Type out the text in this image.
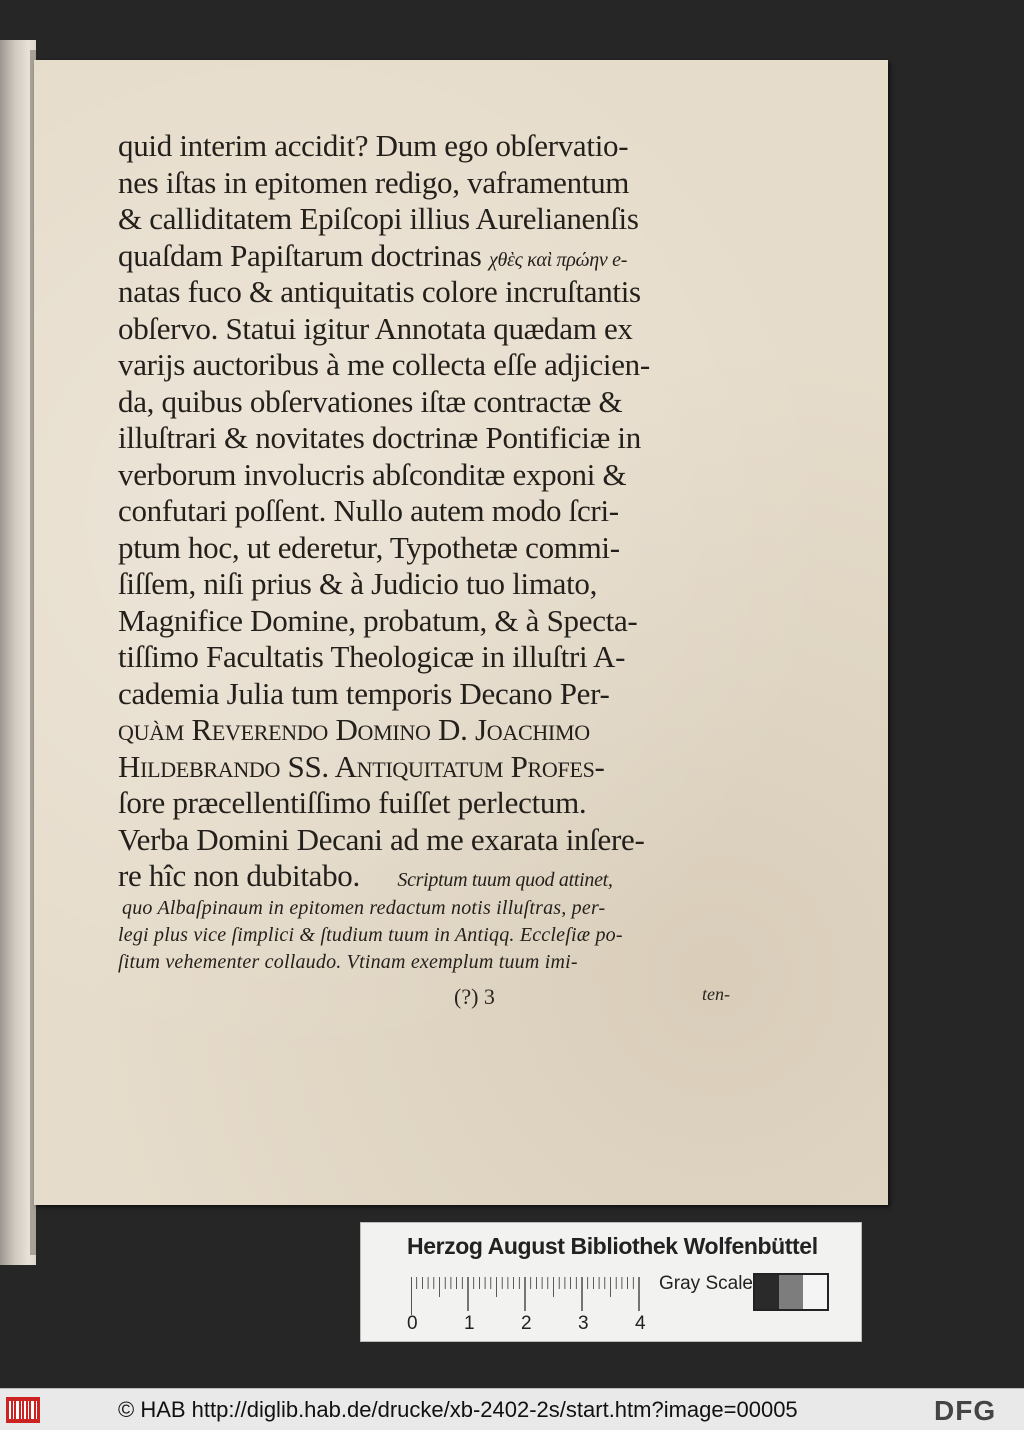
quid interim accidit? Dum ego obſervatio-
nes iſtas in epitomen redigo, vaframentum
& calliditatem Epiſcopi illius Aurelianenſis
quaſdam Papiſtarum doctrinas χθὲς καὶ πρώην e-
natas fuco & antiquitatis colore incruſtantis
obſervo. Statui igitur Annotata quædam ex
varijs auctoribus à me collecta eſſe adjicien-
da, quibus obſervationes iſtæ contractæ &
illuſtrari & novitates doctrinæ Pontificiæ in
verborum involucris abſconditæ exponi &
confutari poſſent. Nullo autem modo ſcri-
ptum hoc, ut ederetur, Typothetæ commi-
ſiſſem, niſi prius & à Judicio tuo limato,
Magnifice Domine, probatum, & à Specta-
tiſſimo Facultatis Theologicæ in illuſtri A-
cademia Julia tum temporis Decano Per-
quàm Reverendo Domino D. Joachimo
Hildebrando SS. Antiquitatum Profeſ-
ſore præcellentiſſimo fuiſſet perlectum.
Verba Domini Decani ad me exarata inſere-
re hîc non dubitabo. Scriptum tuum quod attinet,
quo Albaſpinaum in epitomen redactum notis illuſtras, per-
legi plus vice ſimplici & ſtudium tuum in Antiqq. Eccleſiæ po-
ſitum vehementer collaudo. Vtinam exemplum tuum imi-
(?) 3	ten-
Herzog August Bibliothek Wolfenbüttel
0 1 2 3 4
Gray Scale
© HAB http://diglib.hab.de/drucke/xb-2402-2s/start.htm?image=00005	DFG
